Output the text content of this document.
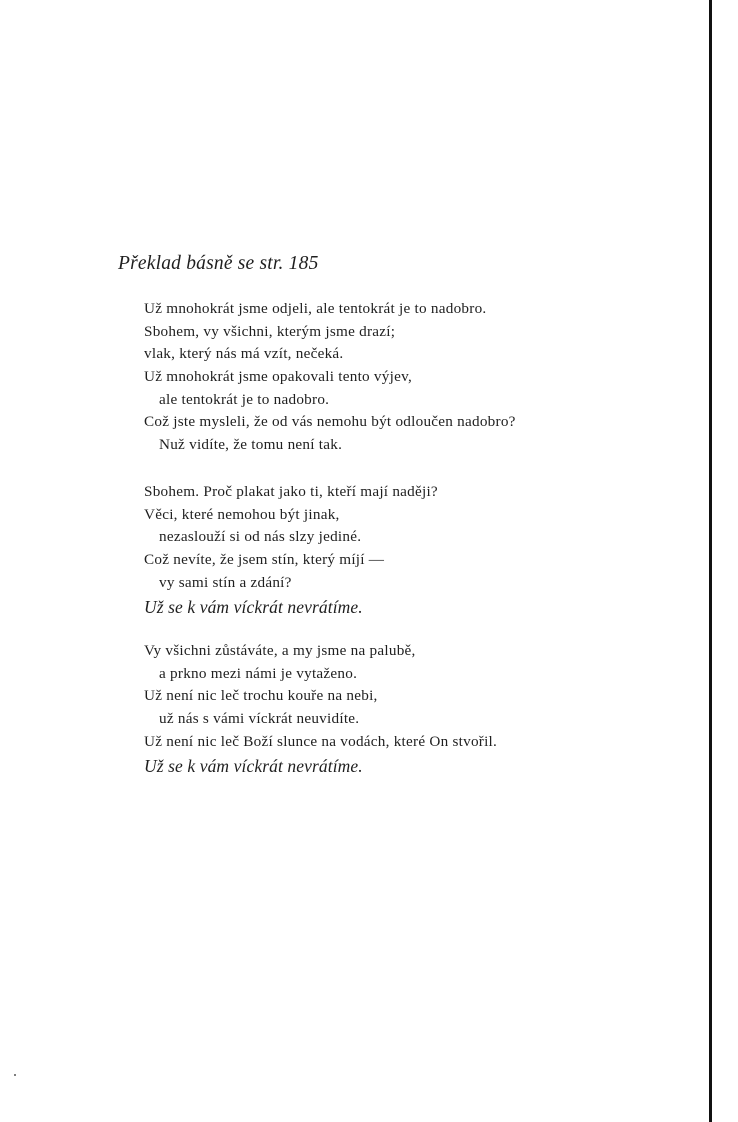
Překlad básně se str. 185
Už mnohokrát jsme odjeli, ale tentokrát je to nadobro.
Sbohem, vy všichni, kterým jsme drazí;
vlak, který nás má vzít, nečeká.
Už mnohokrát jsme opakovali tento výjev,
ale tentokrát je to nadobro.
Což jste mysleli, že od vás nemohu být odloučen nadobro?
Nuž vidíte, že tomu není tak.
Sbohem. Proč plakat jako ti, kteří mají naději?
Věci, které nemohou být jinak,
nezaslouží si od nás slzy jediné.
Což nevíte, že jsem stín, který míjí —
vy sami stín a zdání?
Už se k vám víckrát nevrátíme.
Vy všichni zůstáváte, a my jsme na palubě,
a prkno mezi námi je vytaženo.
Už není nic leč trochu kouře na nebi,
už nás s vámi víckrát neuvidíte.
Už není nic leč Boží slunce na vodách, které On stvořil.
Už se k vám víckrát nevrátíme.
